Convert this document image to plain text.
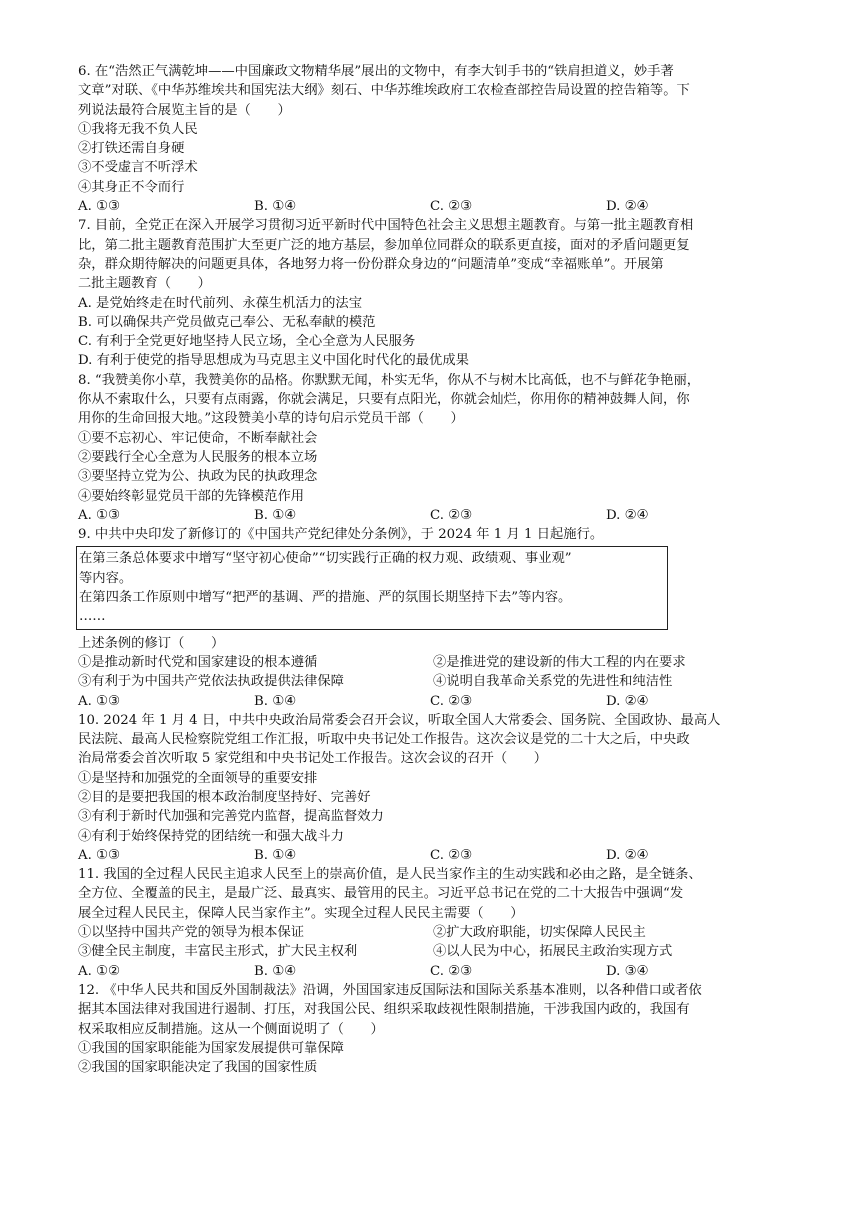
6. 在“浩然正气满乾坤——中国廉政文物精华展”展出的文物中，有李大钊手书的“铁肩担道义，妙手著
文章”对联、《中华苏维埃共和国宪法大纲》刻石、中华苏维埃政府工农检查部控告局设置的控告箱等。下
列说法最符合展览主旨的是（　　）
①我将无我不负人民
②打铁还需自身硬
③不受虚言不听浮术
④其身正不令而行
A. ①③	B. ①④	C. ②③	D. ②④
7. 目前，全党正在深入开展学习贯彻习近平新时代中国特色社会主义思想主题教育。与第一批主题教育相
比，第二批主题教育范围扩大至更广泛的地方基层，参加单位同群众的联系更直接，面对的矛盾问题更复
杂，群众期待解决的问题更具体，各地努力将一份份群众身边的“问题清单”变成“幸福账单”。开展第
二批主题教育（　　）
A. 是党始终走在时代前列、永葆生机活力的法宝
B. 可以确保共产党员做克己奉公、无私奉献的模范
C. 有利于全党更好地坚持人民立场，全心全意为人民服务
D. 有利于使党的指导思想成为马克思主义中国化时代化的最优成果
8. “我赞美你小草，我赞美你的品格。你默默无闻，朴实无华，你从不与树木比高低，也不与鲜花争艳丽，
你从不索取什么，只要有点雨露，你就会满足，只要有点阳光，你就会灿烂，你用你的精神鼓舞人间，你
用你的生命回报大地。”这段赞美小草的诗句启示党员干部（　　）
①要不忘初心、牢记使命，不断奉献社会
②要践行全心全意为人民服务的根本立场
③要坚持立党为公、执政为民的执政理念
④要始终彰显党员干部的先锋模范作用
A. ①③	B. ①④	C. ②③	D. ②④
9. 中共中央印发了新修订的《中国共产党纪律处分条例》，于 2024 年 1 月 1 日起施行。
在第三条总体要求中增写“坚守初心使命”“切实践行正确的权力观、政绩观、事业观”
等内容。
在第四条工作原则中增写“把严的基调、严的措施、严的氛围长期坚持下去”等内容。
……
上述条例的修订（　　）
①是推动新时代党和国家建设的根本遵循	②是推进党的建设新的伟大工程的内在要求
③有利于为中国共产党依法执政提供法律保障	④说明自我革命关系党的先进性和纯洁性
A. ①③	B. ①④	C. ②③	D. ②④
10. 2024 年 1 月 4 日，中共中央政治局常委会召开会议，听取全国人大常委会、国务院、全国政协、最高人
民法院、最高人民检察院党组工作汇报，听取中央书记处工作报告。这次会议是党的二十大之后，中央政
治局常委会首次听取 5 家党组和中央书记处工作报告。这次会议的召开（　　）
①是坚持和加强党的全面领导的重要安排
②目的是要把我国的根本政治制度坚持好、完善好
③有利于新时代加强和完善党内监督，提高监督效力
④有利于始终保持党的团结统一和强大战斗力
A. ①③	B. ①④	C. ②③	D. ②④
11. 我国的全过程人民民主追求人民至上的崇高价值，是人民当家作主的生动实践和必由之路，是全链条、
全方位、全覆盖的民主，是最广泛、最真实、最管用的民主。习近平总书记在党的二十大报告中强调“发
展全过程人民民主，保障人民当家作主”。实现全过程人民民主需要（　　）
①以坚持中国共产党的领导为根本保证	②扩大政府职能，切实保障人民民主
③健全民主制度，丰富民主形式，扩大民主权利	④以人民为中心，拓展民主政治实现方式
A. ①②	B. ①④	C. ②③	D. ③④
12. 《中华人民共和国反外国制裁法》沿调，外国国家违反国际法和国际关系基本准则，以各种借口或者依
据其本国法律对我国进行遏制、打压，对我国公民、组织采取歧视性限制措施，干涉我国内政的，我国有
权采取相应反制措施。这从一个侧面说明了（　　）
①我国的国家职能能为国家发展提供可靠保障
②我国的国家职能决定了我国的国家性质
